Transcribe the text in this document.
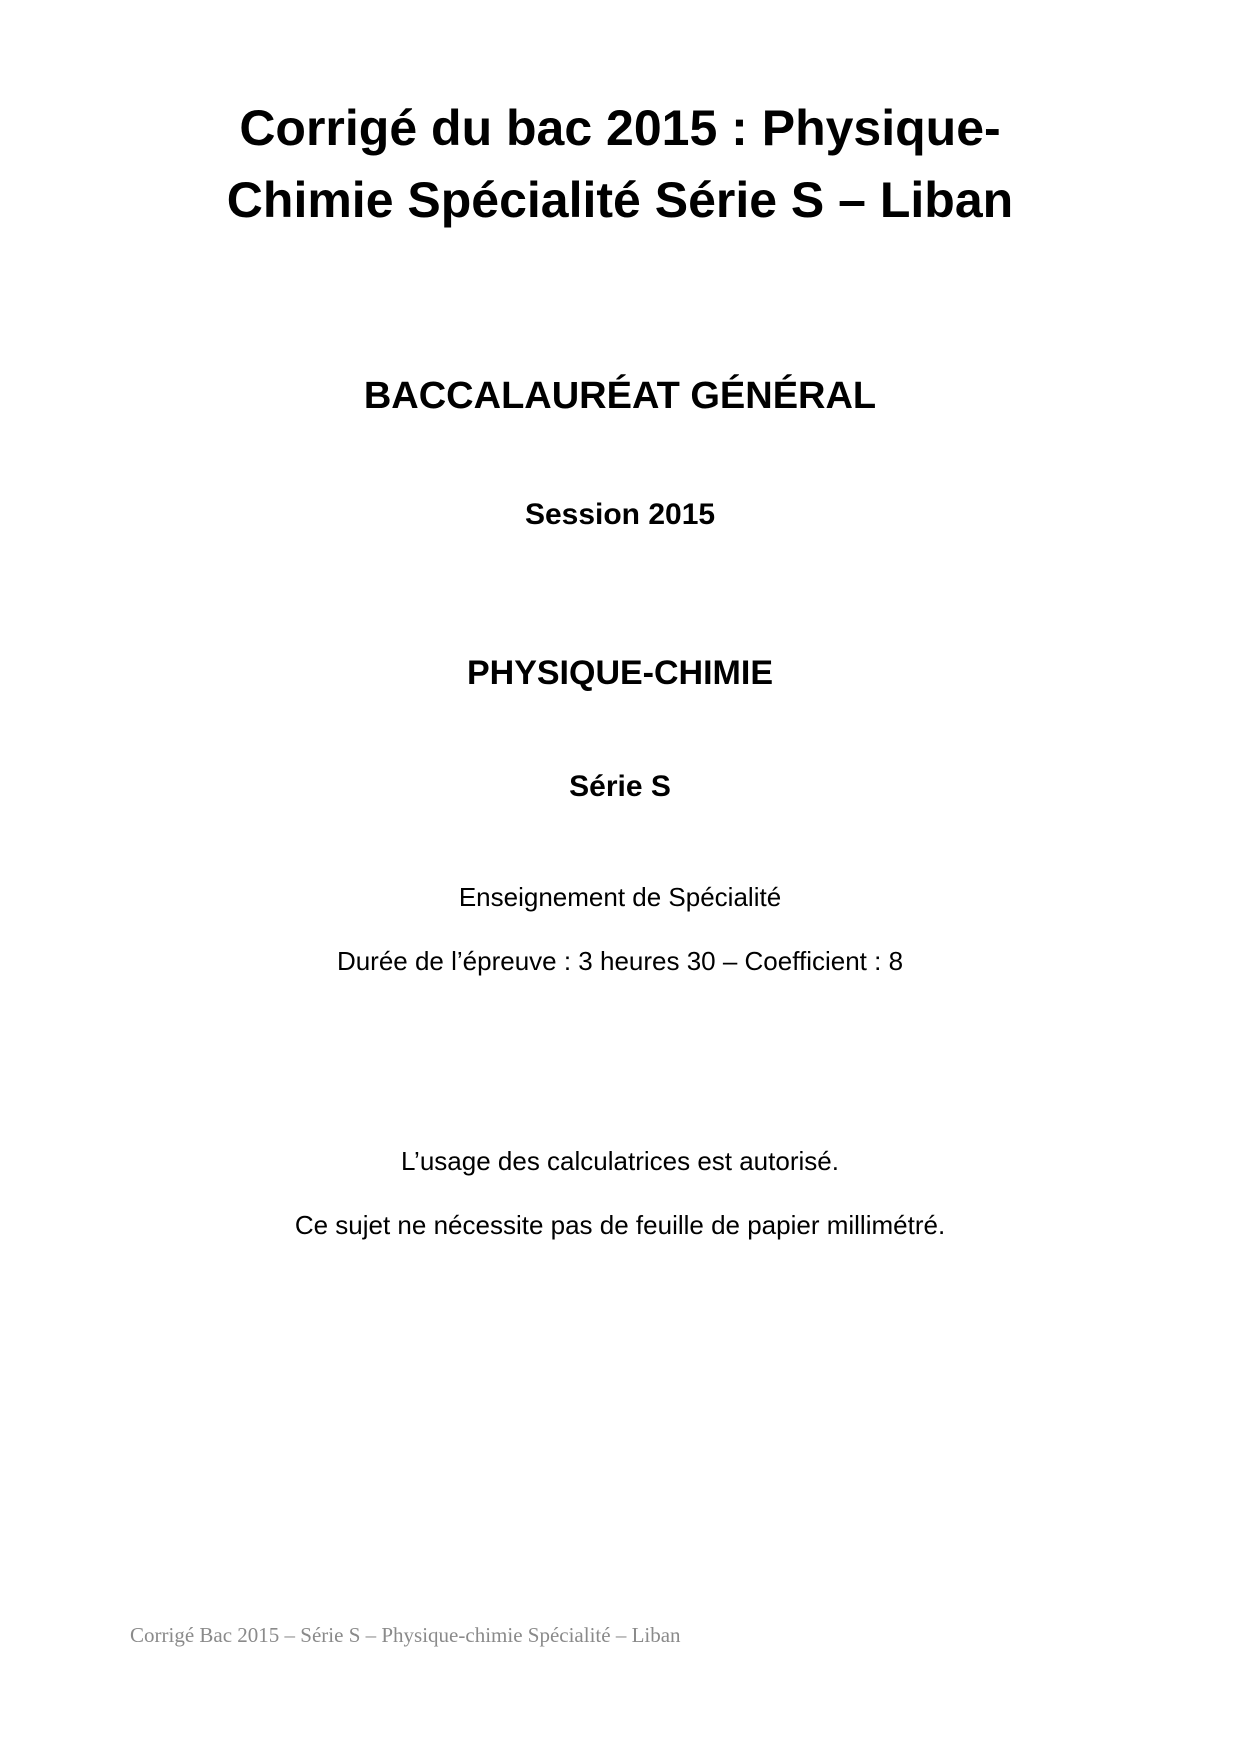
Corrigé du bac 2015 : Physique-
Chimie Spécialité Série S – Liban
BACCALAURÉAT GÉNÉRAL

Session 2015

PHYSIQUE-CHIMIE

Série S

Enseignement de Spécialité

Durée de l’épreuve : 3 heures 30 – Coefficient : 8

L’usage des calculatrices est autorisé.

Ce sujet ne nécessite pas de feuille de papier millimétré.

Corrigé Bac 2015 – Série S – Physique-chimie Spécialité – Liban
